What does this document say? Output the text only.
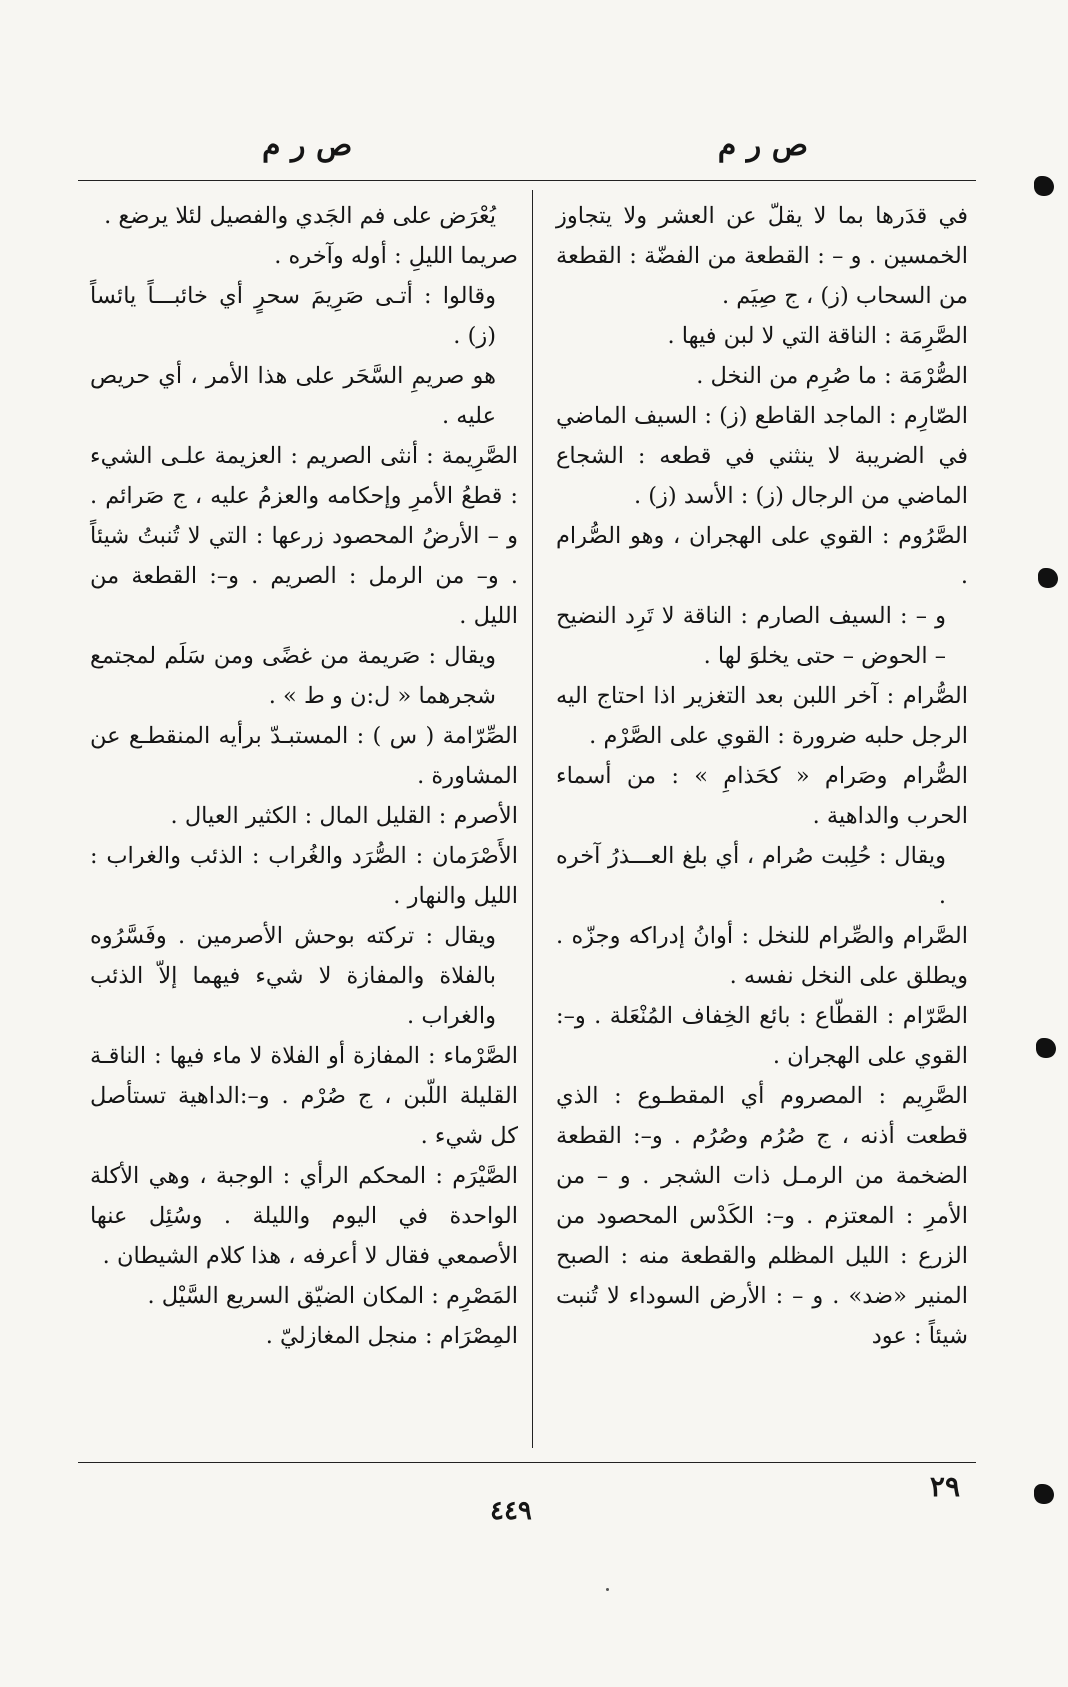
ص ر م
ص ر م

في قدَرها بما لا يقلّ عن العشر ولا يتجاوز الخمسين . و – : القطعة من الفضّة : القطعة من السحاب (ز) ، ج صِيَم .

الصَّرِمَة : الناقة التي لا لبن فيها .

الصُّرْمَة : ما صُرِم من النخل .

الصّارِم : الماجد القاطع (ز) : السيف الماضي في الضريبة لا ينثني في قطعه : الشجاع الماضي من الرجال (ز) : الأسد (ز) .

الصَّرُوم : القوي على الهجران ، وهو الصُّرام .

و – : السيف الصارم : الناقة لا تَرِد النضيح – الحوض – حتى يخلوَ لها .

الصُّرام : آخر اللبن بعد التغزير اذا احتاج اليه الرجل حلبه ضرورة : القوي على الصَّرْم .

الصُّرام وصَرام « كحَذامِ » : من أسماء الحرب والداهية .

ويقال : حُلِبت صُرام ، أي بلغ العـــذرُ آخره .

الصَّرام والصِّرام للنخل : أوانُ إدراكه وجزّه . ويطلق على النخل نفسه .

الصَّرّام : القطّاع : بائع الخِفاف المُنْعَلة . و–: القوي على الهجران .

الصَّرِيم : المصروم أي المقطـوع : الذي قطعت أذنه ، ج صُرُم وصُرُم . و–: القطعة الضخمة من الرمـل ذات الشجر . و – من الأمرِ : المعتزم . و–: الكَدْس المحصود من الزرع : الليل المظلم والقطعة منه : الصبح المنير «ضد» . و – : الأرض السوداء لا تُنبت شيئاً : عود

يُعْرَض على فم الجَدي والفصيل لئلا يرضع .

صريما الليلِ : أوله وآخره .

وقالوا : أتـى صَرِيمَ سحرٍ أي خائبـــاً يائساً (ز) .

هو صريمِ السَّحَر على هذا الأمر ، أي حريص عليه .

الصَّرِيمة : أنثى الصريم : العزيمة علـى الشيء : قطعُ الأمرِ وإحكامه والعزمُ عليه ، ج صَرائم . و – الأرضُ المحصود زرعها : التي لا تُنبتُ شيئاً . و– من الرمل : الصريم . و–: القطعة من الليل .

ويقال : صَريمة من غضًى ومن سَلَم لمجتمع شجرهما « ل:ن و ط » .

الصِّرّامة ( س ) : المستبـدّ برأيه المنقطـع عن المشاورة .

الأصرم : القليل المال : الكثير العيال .

الأَصْرَمان : الصُّرَد والغُراب : الذئب والغراب : الليل والنهار .

ويقال : تركته بوحش الأصرمين . وفَسَّرُوه بالفلاة والمفازة لا شيء فيهما إلاّ الذئب والغراب .

الصَّرْماء : المفازة أو الفلاة لا ماء فيها : الناقـة القليلة اللّبن ، ج صُرْم . و–:الداهية تستأصل كل شيء .

الصَّيْرَم : المحكم الرأي : الوجبة ، وهي الأكلة الواحدة في اليوم والليلة . وسُئِل عنها الأصمعي فقال لا أعرفه ، هذا كلام الشيطان .

المَصْرِم : المكان الضيّق السريع السَّيْل .

المِصْرَام : منجل المغازليّ .

٢٩
٤٤٩
